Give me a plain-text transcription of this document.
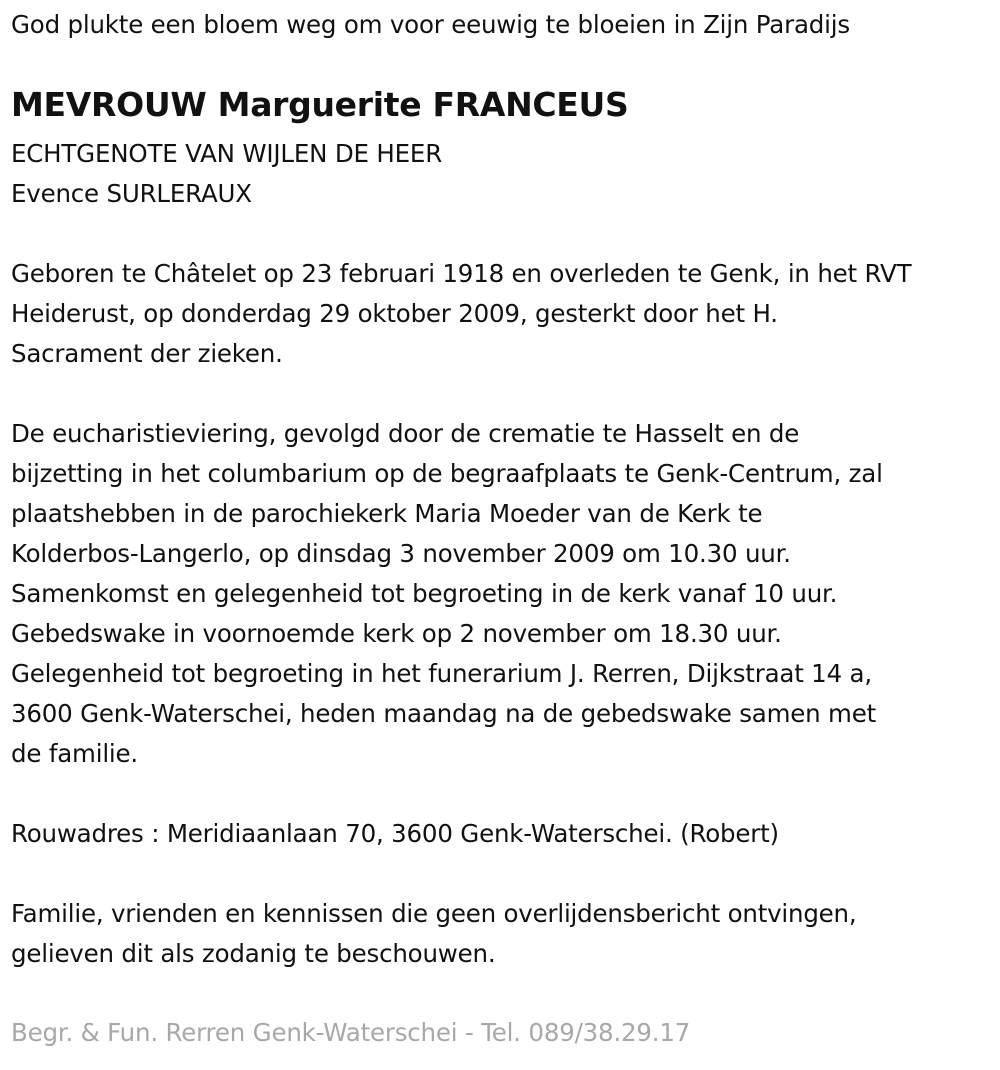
God plukte een bloem weg om voor eeuwig te bloeien in Zijn Paradijs
MEVROUW Marguerite FRANCEUS
ECHTGENOTE VAN WIJLEN DE HEER
Evence SURLERAUX
Geboren te Châtelet op 23 februari 1918 en overleden te Genk, in het RVT
Heiderust, op donderdag 29 oktober 2009, gesterkt door het H.
Sacrament der zieken.
De eucharistieviering, gevolgd door de crematie te Hasselt en de
bijzetting in het columbarium op de begraafplaats te Genk-Centrum, zal
plaatshebben in de parochiekerk Maria Moeder van de Kerk te
Kolderbos-Langerlo, op dinsdag 3 november 2009 om 10.30 uur.
Samenkomst en gelegenheid tot begroeting in de kerk vanaf 10 uur.
Gebedswake in voornoemde kerk op 2 november om 18.30 uur.
Gelegenheid tot begroeting in het funerarium J. Rerren, Dijkstraat 14 a,
3600 Genk-Waterschei, heden maandag na de gebedswake samen met
de familie.
Rouwadres : Meridiaanlaan 70, 3600 Genk-Waterschei. (Robert)
Familie, vrienden en kennissen die geen overlijdensbericht ontvingen,
gelieven dit als zodanig te beschouwen.
Begr. & Fun. Rerren Genk-Waterschei - Tel. 089/38.29.17
